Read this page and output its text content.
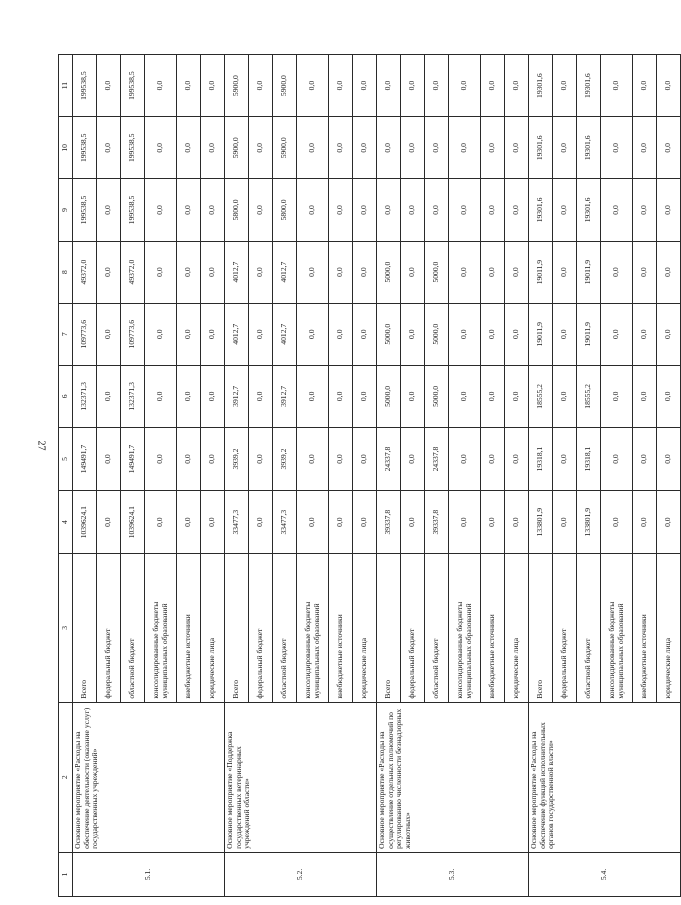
27
1	2	3	4	5	6	7	8	9	10	11
5.1.	Основное мероприятие «Расходы на обеспечение деятельности (оказание услуг) государственных учреждений»	Всего	1039624,1	149491,7	132371,3	109773,6	49372,0	199538,5	199538,5	199538,5
		федеральный бюджет	0,0	0,0	0,0	0,0	0,0	0,0	0,0	0,0
		областной бюджет	1039624,1	149491,7	132371,3	109773,6	49372,0	199538,5	199538,5	199538,5
		консолидированные бюджеты муниципальных образований	0,0	0,0	0,0	0,0	0,0	0,0	0,0	0,0
		внебюджетные источники	0,0	0,0	0,0	0,0	0,0	0,0	0,0	0,0
		юридические лица	0,0	0,0	0,0	0,0	0,0	0,0	0,0	0,0
5.2.	Основное мероприятие «Поддержка государственных ветеринарных учреждений области»	Всего	33477,3	3939,2	3912,7	4012,7	4012,7	5800,0	5900,0	5900,0
		федеральный бюджет	0,0	0,0	0,0	0,0	0,0	0,0	0,0	0,0
		областной бюджет	33477,3	3939,2	3912,7	4012,7	4012,7	5800,0	5900,0	5900,0
		консолидированные бюджеты муниципальных образований	0,0	0,0	0,0	0,0	0,0	0,0	0,0	0,0
		внебюджетные источники	0,0	0,0	0,0	0,0	0,0	0,0	0,0	0,0
		юридические лица	0,0	0,0	0,0	0,0	0,0	0,0	0,0	0,0
5.3.	Основное мероприятие «Расходы на осуществление отдельных полномочий по регулированию численности безнадзорных животных»	Всего	39337,8	24337,8	5000,0	5000,0	5000,0	0,0	0,0	0,0
		федеральный бюджет	0,0	0,0	0,0	0,0	0,0	0,0	0,0	0,0
		областной бюджет	39337,8	24337,8	5000,0	5000,0	5000,0	0,0	0,0	0,0
		консолидированные бюджеты муниципальных образований	0,0	0,0	0,0	0,0	0,0	0,0	0,0	0,0
		внебюджетные источники	0,0	0,0	0,0	0,0	0,0	0,0	0,0	0,0
		юридические лица	0,0	0,0	0,0	0,0	0,0	0,0	0,0	0,0
5.4.	Основное мероприятие «Расходы на обеспечение функций исполнительных органов государственной власти»	Всего	133801,9	19318,1	18555,2	19011,9	19011,9	19301,6	19301,6	19301,6
		федеральный бюджет	0,0	0,0	0,0	0,0	0,0	0,0	0,0	0,0
		областной бюджет	133801,9	19318,1	18555,2	19011,9	19011,9	19301,6	19301,6	19301,6
		консолидированные бюджеты муниципальных образований	0,0	0,0	0,0	0,0	0,0	0,0	0,0	0,0
		внебюджетные источники	0,0	0,0	0,0	0,0	0,0	0,0	0,0	0,0
		юридические лица	0,0	0,0	0,0	0,0	0,0	0,0	0,0	0,0
